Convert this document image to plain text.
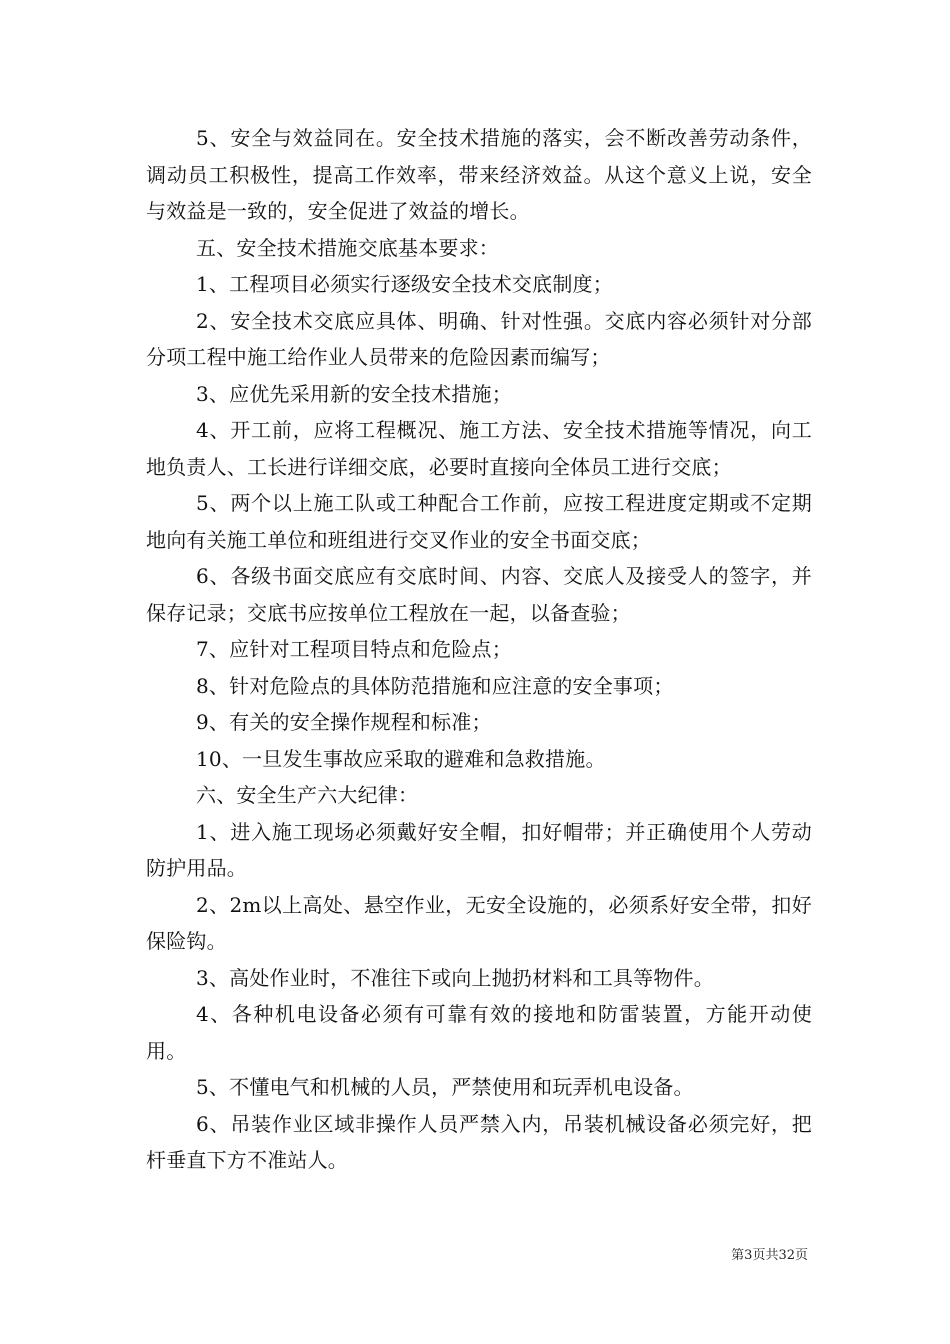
5、安全与效益同在。安全技术措施的落实，会不断改善劳动条件，调动员工积极性，提高工作效率，带来经济效益。从这个意义上说，安全与效益是一致的，安全促进了效益的增长。

五、安全技术措施交底基本要求：

1、工程项目必须实行逐级安全技术交底制度；

2、安全技术交底应具体、明确、针对性强。交底内容必须针对分部分项工程中施工给作业人员带来的危险因素而编写；

3、应优先采用新的安全技术措施；

4、开工前，应将工程概况、施工方法、安全技术措施等情况，向工地负责人、工长进行详细交底，必要时直接向全体员工进行交底；

5、两个以上施工队或工种配合工作前，应按工程进度定期或不定期地向有关施工单位和班组进行交叉作业的安全书面交底；

6、各级书面交底应有交底时间、内容、交底人及接受人的签字，并保存记录；交底书应按单位工程放在一起，以备查验；

7、应针对工程项目特点和危险点；

8、针对危险点的具体防范措施和应注意的安全事项；

9、有关的安全操作规程和标准；

10、一旦发生事故应采取的避难和急救措施。

六、安全生产六大纪律：

1、进入施工现场必须戴好安全帽，扣好帽带；并正确使用个人劳动防护用品。

2、2m以上高处、悬空作业，无安全设施的，必须系好安全带，扣好保险钩。

3、高处作业时，不准往下或向上抛扔材料和工具等物件。

4、各种机电设备必须有可靠有效的接地和防雷装置，方能开动使用。

5、不懂电气和机械的人员，严禁使用和玩弄机电设备。

6、吊装作业区域非操作人员严禁入内，吊装机械设备必须完好，把杆垂直下方不准站人。

第3页共32页
